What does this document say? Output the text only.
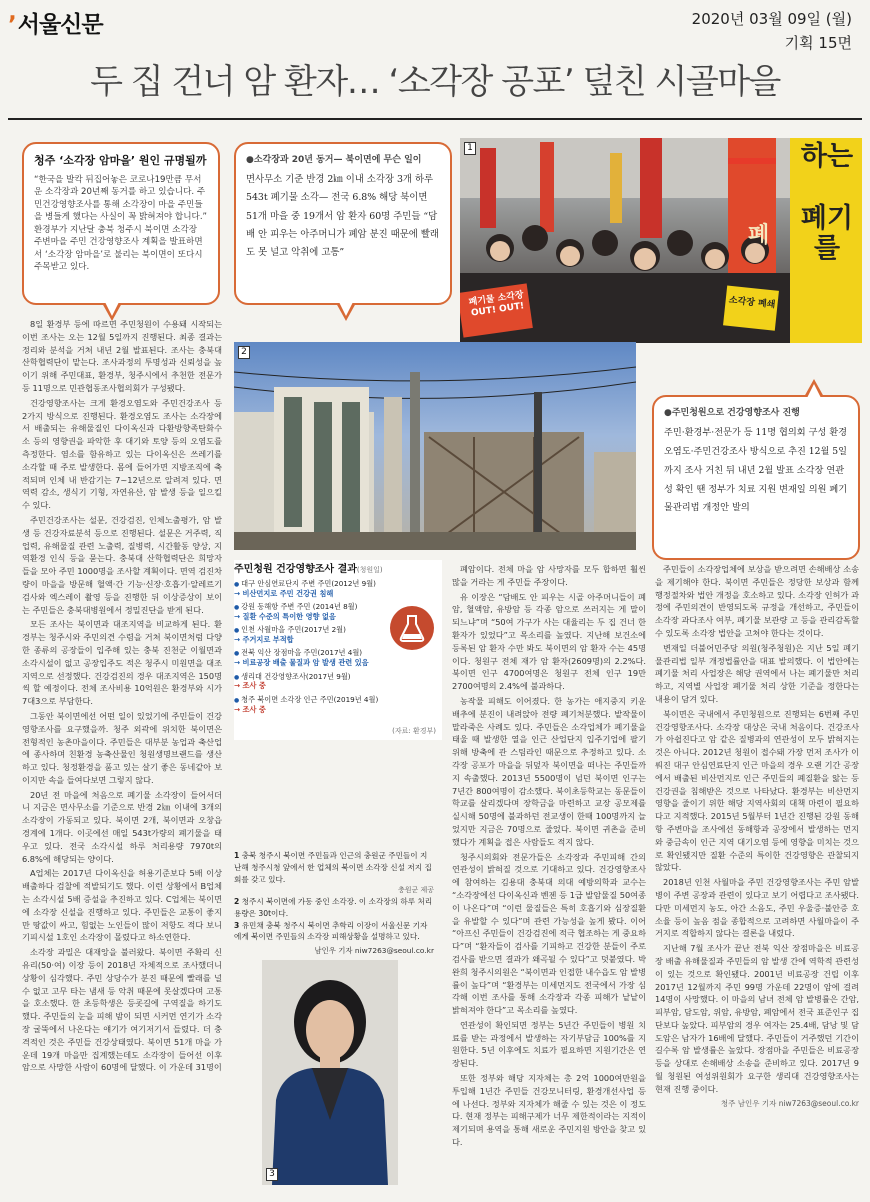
ʼ서울신문	2020년 03월 09일 (월)
기획 15면
두 집 건너 암 환자… ‘소각장 공포’ 덮친 시골마을
청주 ‘소각장 암마을’ 원인 규명될까

“한국을 발칵 뒤집어놓은 코로나19만큼 무서운 소각장과 20년째 동거를 하고 있습니다. 주민건강영향조사를 통해 소각장이 마을 주민들을 병들게 했다는 사실이 꼭 밝혀져야 합니다.” 환경부가 지난달 충북 청주시 북이면 소각장 주변마을 주민 건강영향조사 계획을 발표하면서 ‘소각장 암마을’로 불리는 북이면이 또다시 주목받고 있다.

●소각장과 20년 동거— 북이면에 무슨 일이

면사무소 기준 반경 2㎞ 이내 소각장 3개 하루 543t 폐기물 소각— 전국 6.8% 해당 북이면 51개 마을 중 19개서 암 환자 60명 주민들 “담배 안 피우는 아주머니가 폐암 분진 때문에 빨래도 못 널고 악취에 고통”

1	하는
폐
폐기를
폐기물 소각장 OUT! OUT!	소각장 폐쇄
2
●주민청원으로 건강영향조사 진행

주민·환경부·전문가 등 11명 협의회 구성 환경오염도·주민건강조사 방식으로 추진 12월 5일까지 조사 거친 뒤 내년 2월 발표 소각장 연관성 확인 땐 정부가 치료 지원 변재일 의원 폐기물관리법 개정안 발의

8일 환경부 등에 따르면 주민청원이 수용돼 시작되는 이번 조사는 오는 12월 5일까지 진행된다. 최종 결과는 정리와 분석을 거쳐 내년 2월 발표된다. 조사는 충북대 산학협력단이 맡는다. 조사과정의 투명성과 신뢰성을 높이기 위해 주민대표, 환경부, 청주시에서 추천한 전문가 등 11명으로 민관협동조사협의회가 구성됐다.

건강영향조사는 크게 환경오염도와 주민건강조사 등 2가지 방식으로 진행된다. 환경오염도 조사는 소각장에서 배출되는 유해물질인 다이옥신과 다환방향족탄화수소 등의 영향권을 파악한 후 대기와 토양 등의 오염도를 측정한다. 염소를 함유하고 있는 다이옥신은 쓰레기를 소각할 때 주로 발생한다. 몸에 들어가면 지방조직에 축적되며 인체 내 반감기는 7~12년으로 알려져 있다. 면역력 감소, 생식기 기형, 자연유산, 암 발생 등을 일으킬 수 있다.

주민건강조사는 설문, 건강검진, 인체노출평가, 암 발생 등 건강자료분석 등으로 진행된다. 설문은 거주력, 직업력, 유해물질 관련 노출력, 질병력, 시간활동 양상, 지역환경 인식 등을 묻는다. 충북대 산학협력단은 희망자들을 모아 주민 1000명을 조사할 계획이다. 면역 검진차량이 마을을 방문해 혈액·간 기능·신장·호흡기·알레르기 검사와 엑스레이 촬영 등을 진행한 뒤 이상증상이 보이는 주민들은 충북대병원에서 정밀진단을 받게 된다.

모든 조사는 북이면과 대조지역을 비교하게 된다. 환경부는 청주시와 주민의견 수렴을 거쳐 북이면처럼 다양한 종류의 공장들이 입주해 있는 충북 진천군 이월면과 소각시설이 없고 공장입주도 적은 청주시 미원면을 대조지역으로 선정했다. 건강검진의 경우 대조지역은 150명씩 할 예정이다. 전체 조사비용 10억원은 환경부와 시가 7대3으로 부담한다.

그동안 북이면에선 어떤 일이 있었기에 주민들이 건강영향조사를 요구했을까. 청주 외곽에 위치한 북이면은 전형적인 농촌마을이다. 주민들은 대부분 농업과 축산업에 종사하며 친환경 농축산물인 청원생명브랜드를 생산하고 있다. 청정환경을 품고 있는 살기 좋은 동네같아 보이지만 속을 들여다보면 그렇지 않다.

20년 전 마을에 처음으로 폐기물 소각장이 들어서더니 지금은 면사무소를 기준으로 반경 2㎞ 이내에 3개의 소각장이 가동되고 있다. 북이면 2개, 북이면과 오창읍 경계에 1개다. 이곳에선 매일 543t가량의 폐기물을 태우고 있다. 전국 소각시설 하루 처리용량 7970t의 6.8%에 해당되는 양이다.

A업체는 2017년 다이옥신을 허용기준보다 5배 이상 배출하다 검찰에 적발되기도 했다. 이런 상황에서 B업체는 소각시설 5배 증설을 추진하고 있다. C업체는 북이면에 소각장 신설을 진행하고 있다. 주민들은 교통이 좋지만 땅값이 싸고, 힘없는 노인들이 많이 저항도 적다 보니 기피시설 1호인 소각장이 몰렸다고 하소연한다.

소각장 과밀은 대재앙을 불러왔다. 북이면 주확리 신유리(50·여) 이장 등이 2018년 자체적으로 조사했더니 상황이 심각했다. 주민 상당수가 분진 때문에 빨래를 널 수 없고 고무 타는 냄새 등 악취 때문에 못살겠다며 고통을 호소했다. 한 초등학생은 등굣길에 구역질을 하기도 했다. 주민들의 눈을 피해 밤이 되면 시커먼 연기가 소각장 굴뚝에서 나온다는 얘기가 여기저기서 들렸다. 더 충격적인 것은 주민들 건강상태였다. 북이면 51개 마을 가운데 19개 마을만 집계했는데도 소각장이 들어선 이후 암으로 사망한 사람이 60명에 달했다. 이 가운데 31명이

주민청원 건강영향조사 결과(청원일)
● 대구 안심연료단지 주변 주민(2012년 9월)
→ 비산먼지로 주민 건강권 침해
● 강원 동해항 주변 주민 (2014년 8월)
→ 질환 수준의 특이한 영향 없음
● 인천 사월마을 주민(2017년 2월)
→ 주거지로 부적합
● 전북 익산 장점마을 주민(2017년 4월)
→ 비료공장 배출 물질과 암 발생 관련 있음
● 생리대 건강영향조사(2017년 9월)
→ 조사 중
● 청주 북이면 소각장 인근 주민(2019년 4월)
→ 조사 중
(자료: 환경부)
1 충북 청주시 북이면 주민들과 인근의 충원군 주민들이 지난해 청주시청 앞에서 한 업체의 북이면 소각장 신설 저지 집회를 갖고 있다.
충원군 제공
2 청주시 북이면에 가동 중인 소각장. 이 소각장의 하루 처리용량은 30t이다.
3 유민채 충북 청주시 북이면 추학리 이장이 서울신문 기자에게 북이면 주민들의 소각장 피해상황을 설명하고 있다.
남인우 기자 niw7263@seoul.co.kr
3

폐암이다. 전체 마을 암 사망자를 모두 합하면 훨씬 많을 거라는 게 주민들 주장이다.

유 이장은 “담배도 안 피우는 시골 아주머니들이 폐암, 혈액암, 유방암 등 각종 암으로 쓰러지는 게 말이 되느냐”며 “50여 가구가 사는 대율리는 두 집 건너 한 환자가 있었다”고 목소리를 높였다. 지난해 보건소에 등록된 암 환자 수만 봐도 북이면의 암 환자 수는 45명이다. 청원구 전체 재가 암 환자(2609명)의 2.2%다. 북이면 인구 4700여명은 청원구 전체 인구 19만 2700여명의 2.4%에 불과하다.

농작물 피해도 이어졌다. 한 농가는 애지중지 키운 배추에 분진이 내려앉아 전량 폐기처분했다. 밭작물이 말라죽은 사례도 있다. 주민들은 소각업체가 폐기물을 태울 때 발생한 열을 인근 산업단지 입주기업에 팔기 위해 방축에 관 스팀라인 때문으로 추정하고 있다. 소각장 공포가 마을을 뒤덮자 북이면을 떠나는 주민들까지 속출했다. 2013년 5500명이 넘던 북이면 인구는 7년간 800여명이 감소했다. 북이초등학교는 동문들이 학교를 살리겠다며 장학금을 마련하고 교장 공모제를 실시해 50명에 불과하던 전교생이 한때 100명까지 늘었지만 지금은 70명으로 줄었다. 북이면 귀촌을 준비했다가 계획을 접은 사람들도 적지 않다.

청주시의회와 전문가들은 소각장과 주민피해 간의 연관성이 밝혀질 것으로 기대하고 있다. 건강영향조사에 참여하는 김용대 충북대 의대 예방의학과 교수는 “소각장에선 다이옥신과 벤젠 등 1급 발암물질 50여종이 나온다”며 “이런 물질들은 특히 호흡기와 심장질환을 유발할 수 있다”며 관련 가능성을 높게 봤다. 이어 “아프신 주민들이 건강검진에 적극 협조하는 게 중요하다”며 “환자들이 검사를 기피하고 건강한 분들이 주로 검사를 받으면 결과가 왜곡될 수 있다”고 덧붙였다. 박완희 청주시의원은 “북이면과 인접한 내수읍도 암 발병률이 높다”며 “환경부는 미세먼지도 전국에서 가장 심각해 이번 조사를 통해 소각장과 각종 피해가 낱낱이 밝혀져야 한다”고 목소리를 높였다.

연관성이 확인되면 정부는 5년간 주민들이 병원 치료를 받는 과정에서 발생하는 자기부담금 100%를 지원한다. 5년 이후에도 치료가 필요하면 지원기간은 연장된다.

또한 정부와 해당 지자체는 총 2억 1000여만원을 투입해 1년간 주민들 건강모니터링, 환경개선사업 등에 나선다. 정부와 지자체가 해줄 수 있는 것은 이 정도다. 현재 정부는 피해구제가 너무 제한적이라는 지적이 제기되며 용역을 통해 새로운 주민지원 방안을 찾고 있다.

주민들이 소각장업체에 보상을 받으려면 손해배상 소송을 제기해야 한다. 북이면 주민들은 정당한 보상과 함께 행정절차와 법안 개정을 호소하고 있다. 소각장 인허가 과정에 주민의견이 반영되도록 규정을 개선하고, 주민들이 소각장 과다조사 여부, 폐기물 보관량 고 등을 관리감독할 수 있도록 소각장 법안을 고쳐야 한다는 것이다.

변재일 더불어민주당 의원(청주청원)은 지난 5일 폐기물관리법 일부 개정법률안을 대표 발의했다. 이 법안에는 폐기물 처리 사업장은 해당 권역에서 나는 폐기물만 처리하고, 지역별 사업장 폐기물 처리 상한 기준을 정한다는 내용이 담겨 있다.

북이면은 국내에서 주민청원으로 진행되는 6번째 주민건강영향조사다. 소각장 대상은 국내 처음이다. 건강조사가 아쉽진다고 암 같은 질병과의 연관성이 모두 밝혀지는 것은 아니다. 2012년 청원이 접수돼 가장 먼저 조사가 이뤄진 대구 안심연료단지 인근 마을의 경우 오랜 기간 공장에서 배출된 비산먼지로 인근 주민들의 폐질환을 앓는 등 건강권을 침해받은 것으로 나타났다. 환경부는 비산먼지 영향을 줄이기 위한 해당 지역사회의 대책 마련이 필요하다고 지적했다. 2015년 5월부터 1년간 진행된 강원 동해항 주변마을 조사에선 동해항과 공장에서 발생하는 먼지와 중금속이 인근 지역 대기오염 등에 영향을 미치는 것으로 확인됐지만 질환 수준의 특이한 건강영향은 관찰되지 않았다.

2018년 인천 사월마을 주민 건강영향조사는 주민 암발병이 주변 공장과 관련이 있다고 보기 어렵다고 조사됐다. 다만 미세먼지 농도, 아간 소음도, 주민 우울증·불안증 호소율 등이 높음 점을 종합적으로 고려하면 사월마을이 주거지로 적합하지 않다는 결론을 내렸다.

지난해 7월 조사가 끝난 전북 익산 장점마을은 비료공장 배출 유해물질과 주민들의 암 발생 간에 역학적 관련성이 있는 것으로 확인됐다. 2001년 비료공장 건립 이후 2017년 12월까지 주민 99명 가운데 22명이 암에 걸려 14명이 사망했다. 이 마을의 남녀 전체 암 발병률은 간암, 피부암, 담도암, 위암, 유방암, 폐암에서 전국 표준인구 집단보다 높았다. 피부암의 경우 여자는 25.4배, 담낭 및 담도암은 남자가 16배에 달했다. 주민들이 거주했던 기간이 길수록 암 발생률은 높았다. 장점마을 주민들은 비료공장 등을 상대로 손해배상 소송을 준비하고 있다. 2017년 9월 청원된 여성위원회가 요구한 생리대 건강영향조사는 현재 진행 중이다.

청주 남인우 기자 niw7263@seoul.co.kr
